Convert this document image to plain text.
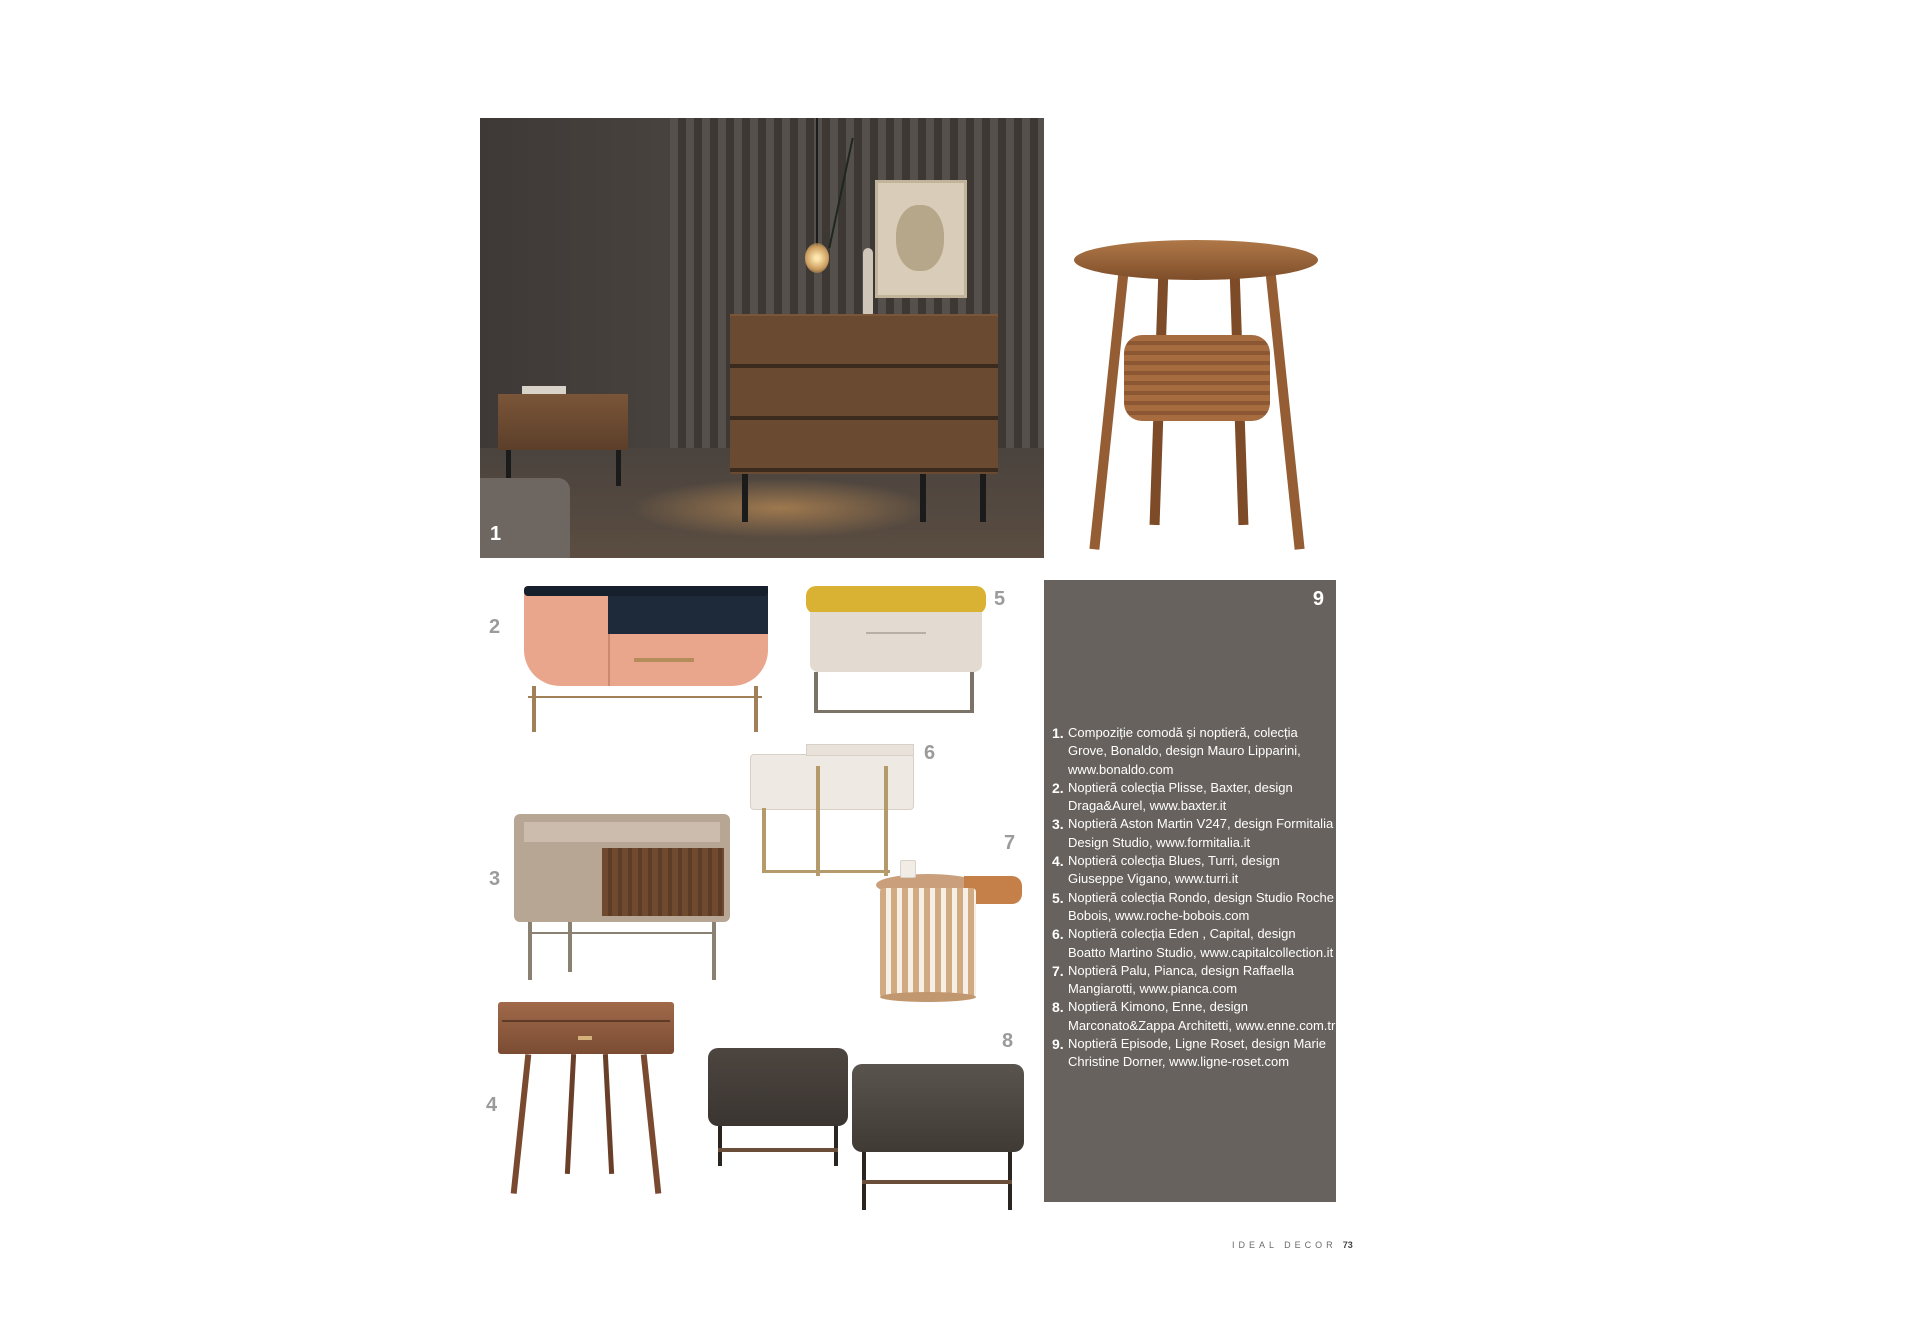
1
2
5
6
3
7
4
8
9
1. Compoziție comodă și noptieră, colecția Grove, Bonaldo, design Mauro Lipparini, www.bonaldo.com
2. Noptieră colecția Plisse, Baxter, design Draga&Aurel, www.baxter.it
3. Noptieră Aston Martin V247, design Formitalia Design Studio, www.formitalia.it
4. Noptieră colecția Blues, Turri, design Giuseppe Vigano, www.turri.it
5. Noptieră colecția Rondo, design Studio Roche Bobois, www.roche-bobois.com
6. Noptieră colecția Eden , Capital, design Boatto Martino Studio, www.capitalcollection.it
7. Noptieră Palu, Pianca, design Raffaella Mangiarotti, www.pianca.com
8. Noptieră Kimono, Enne, design Marconato&Zappa Architetti, www.enne.com.tr
9. Noptieră Episode, Ligne Roset, design Marie Christine Dorner, www.ligne-roset.com
IDEAL DECOR 73
